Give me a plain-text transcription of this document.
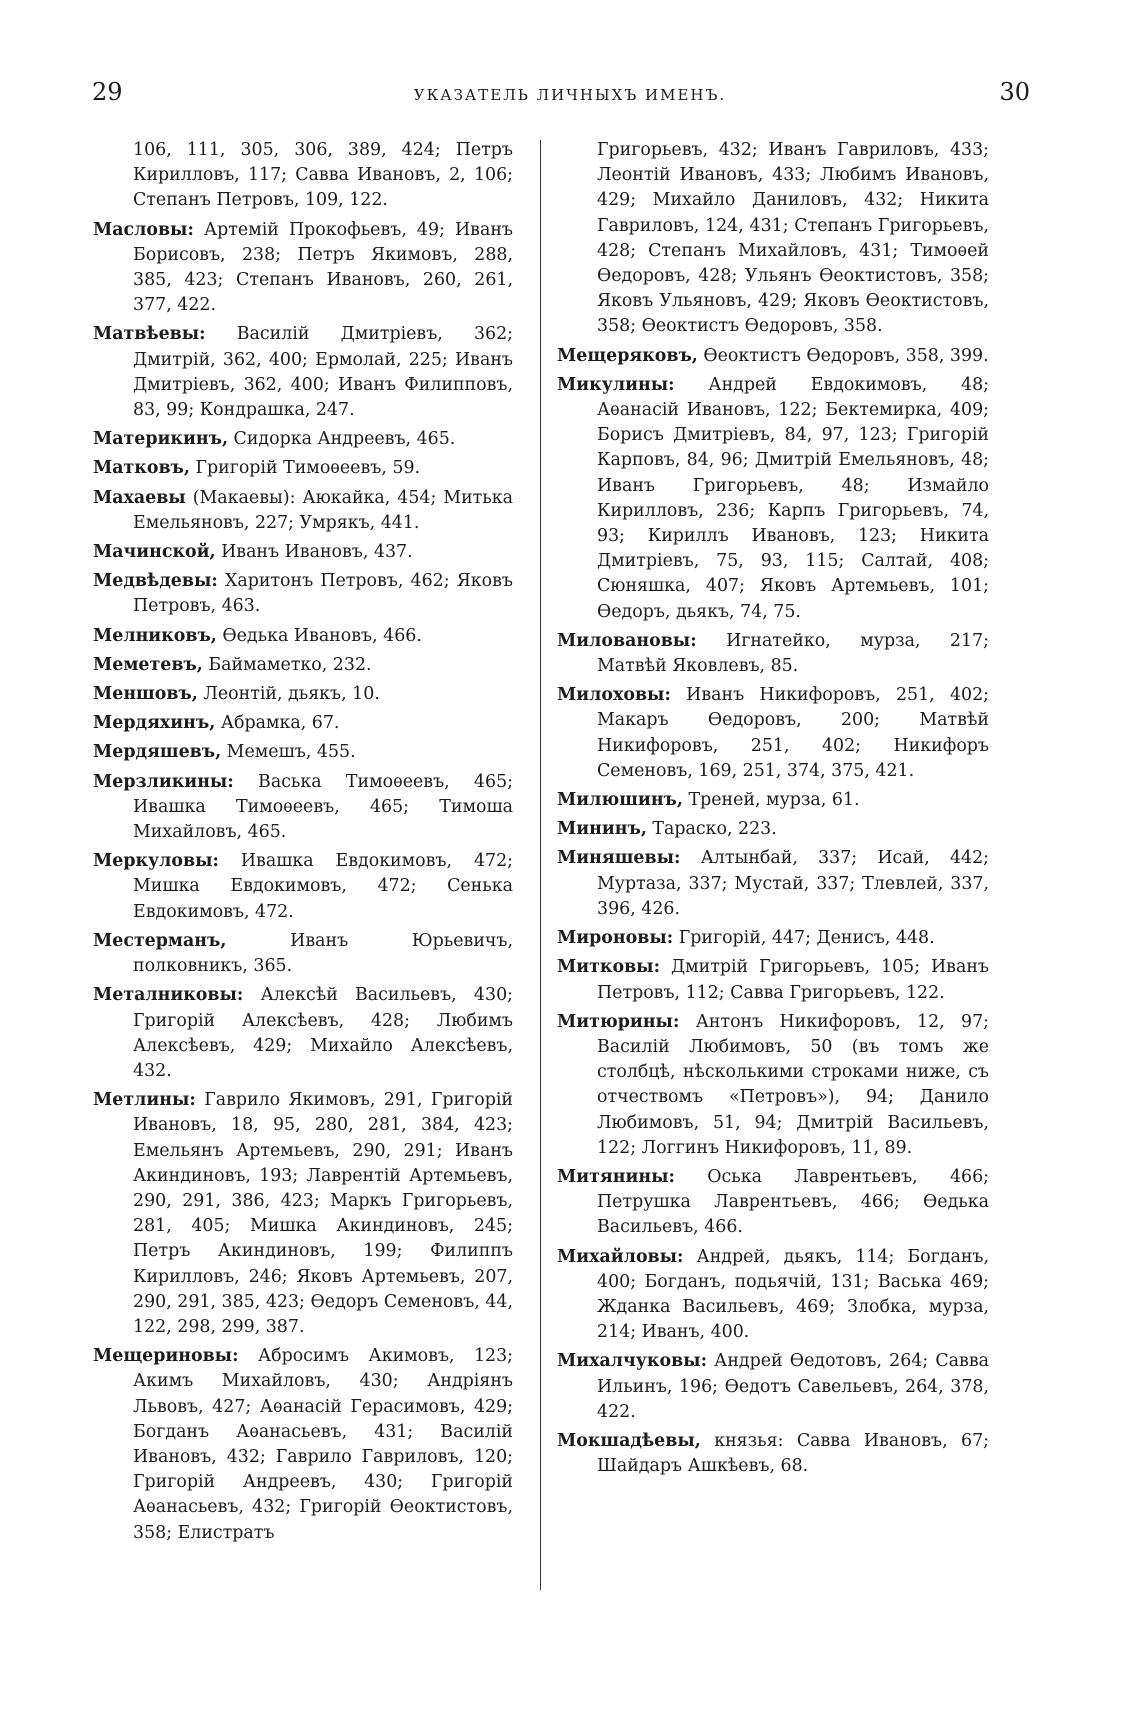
29	УКАЗАТЕЛЬ ЛИЧНЫХЪ ИМЕНЪ.	30
106, 111, 305, 306, 389, 424; Петръ Кирилловъ, 117; Савва Ивановъ, 2, 106; Степанъ Петровъ, 109, 122.
Масловы: Артемій Прокофьевъ, 49; Иванъ Борисовъ, 238; Петръ Якимовъ, 288, 385, 423; Степанъ Ивановъ, 260, 261, 377, 422.
Матвѣевы: Василій Дмитріевъ, 362; Дмитрій, 362, 400; Ермолай, 225; Иванъ Дмитріевъ, 362, 400; Иванъ Филипповъ, 83, 99; Кондрашка, 247.
Материкинъ, Сидорка Андреевъ, 465.
Матковъ, Григорій Тимоѳеевъ, 59.
Махаевы (Макаевы): Аюкайка, 454; Митька Емельяновъ, 227; Умрякъ, 441.
Мачинской, Иванъ Ивановъ, 437.
Медвѣдевы: Харитонъ Петровъ, 462; Яковъ Петровъ, 463.
Мелниковъ, Ѳедька Ивановъ, 466.
Меметевъ, Баймаметко, 232.
Меншовъ, Леонтій, дьякъ, 10.
Мердяхинъ, Абрамка, 67.
Мердяшевъ, Мемешъ, 455.
Мерзликины: Васька Тимоѳеевъ, 465; Ивашка Тимоѳеевъ, 465; Тимоша Михайловъ, 465.
Меркуловы: Ивашка Евдокимовъ, 472; Мишка Евдокимовъ, 472; Сенька Евдокимовъ, 472.
Местерманъ, Иванъ Юрьевичъ, полковникъ, 365.
Металниковы: Алексѣй Васильевъ, 430; Григорій Алексѣевъ, 428; Любимъ Алексѣевъ, 429; Михайло Алексѣевъ, 432.
Метлины: Гаврило Якимовъ, 291, Григорій Ивановъ, 18, 95, 280, 281, 384, 423; Емельянъ Артемьевъ, 290, 291; Иванъ Акиндиновъ, 193; Лаврентій Артемьевъ, 290, 291, 386, 423; Маркъ Григорьевъ, 281, 405; Мишка Акиндиновъ, 245; Петръ Акиндиновъ, 199; Филиппъ Кирилловъ, 246; Яковъ Артемьевъ, 207, 290, 291, 385, 423; Ѳедоръ Семеновъ, 44, 122, 298, 299, 387.
Мещериновы: Абросимъ Акимовъ, 123; Акимъ Михайловъ, 430; Андріянъ Львовъ, 427; Аѳанасій Герасимовъ, 429; Богданъ Аѳанасьевъ, 431; Василій Ивановъ, 432; Гаврило Гавриловъ, 120; Григорій Андреевъ, 430; Григорій Аѳанасьевъ, 432; Григорій Ѳеоктистовъ, 358; Елистратъ
Григорьевъ, 432; Иванъ Гавриловъ, 433; Леонтій Ивановъ, 433; Любимъ Ивановъ, 429; Михайло Даниловъ, 432; Никита Гавриловъ, 124, 431; Степанъ Григорьевъ, 428; Степанъ Михайловъ, 431; Тимоѳей Ѳедоровъ, 428; Ульянъ Ѳеоктистовъ, 358; Яковъ Ульяновъ, 429; Яковъ Ѳеоктистовъ, 358; Ѳеоктистъ Ѳедоровъ, 358.
Мещеряковъ, Ѳеоктистъ Ѳедоровъ, 358, 399.
Микулины: Андрей Евдокимовъ, 48; Аѳанасій Ивановъ, 122; Бектемирка, 409; Борисъ Дмитріевъ, 84, 97, 123; Григорій Карповъ, 84, 96; Дмитрій Емельяновъ, 48; Иванъ Григорьевъ, 48; Измайло Кирилловъ, 236; Карпъ Григорьевъ, 74, 93; Кириллъ Ивановъ, 123; Никита Дмитріевъ, 75, 93, 115; Салтай, 408; Сюняшка, 407; Яковъ Артемьевъ, 101; Ѳедоръ, дьякъ, 74, 75.
Миловановы: Игнатейко, мурза, 217; Матвѣй Яковлевъ, 85.
Милоховы: Иванъ Никифоровъ, 251, 402; Макаръ Ѳедоровъ, 200; Матвѣй Никифоровъ, 251, 402; Никифоръ Семеновъ, 169, 251, 374, 375, 421.
Милюшинъ, Треней, мурза, 61.
Мининъ, Тараско, 223.
Миняшевы: Алтынбай, 337; Исай, 442; Муртаза, 337; Мустай, 337; Тлевлей, 337, 396, 426.
Мироновы: Григорій, 447; Денисъ, 448.
Митковы: Дмитрій Григорьевъ, 105; Иванъ Петровъ, 112; Савва Григорьевъ, 122.
Митюрины: Антонъ Никифоровъ, 12, 97; Василій Любимовъ, 50 (въ томъ же столбцѣ, нѣсколькими строками ниже, съ отчествомъ «Петровъ»), 94; Данило Любимовъ, 51, 94; Дмитрій Васильевъ, 122; Логгинъ Никифоровъ, 11, 89.
Митянины: Оська Лаврентьевъ, 466; Петрушка Лаврентьевъ, 466; Ѳедька Васильевъ, 466.
Михайловы: Андрей, дьякъ, 114; Богданъ, 400; Богданъ, подьячій, 131; Васька 469; Жданка Васильевъ, 469; Злобка, мурза, 214; Иванъ, 400.
Михалчуковы: Андрей Ѳедотовъ, 264; Савва Ильинъ, 196; Ѳедотъ Савельевъ, 264, 378, 422.
Мокшадѣевы, князья: Савва Ивановъ, 67; Шайдаръ Ашкѣевъ, 68.
